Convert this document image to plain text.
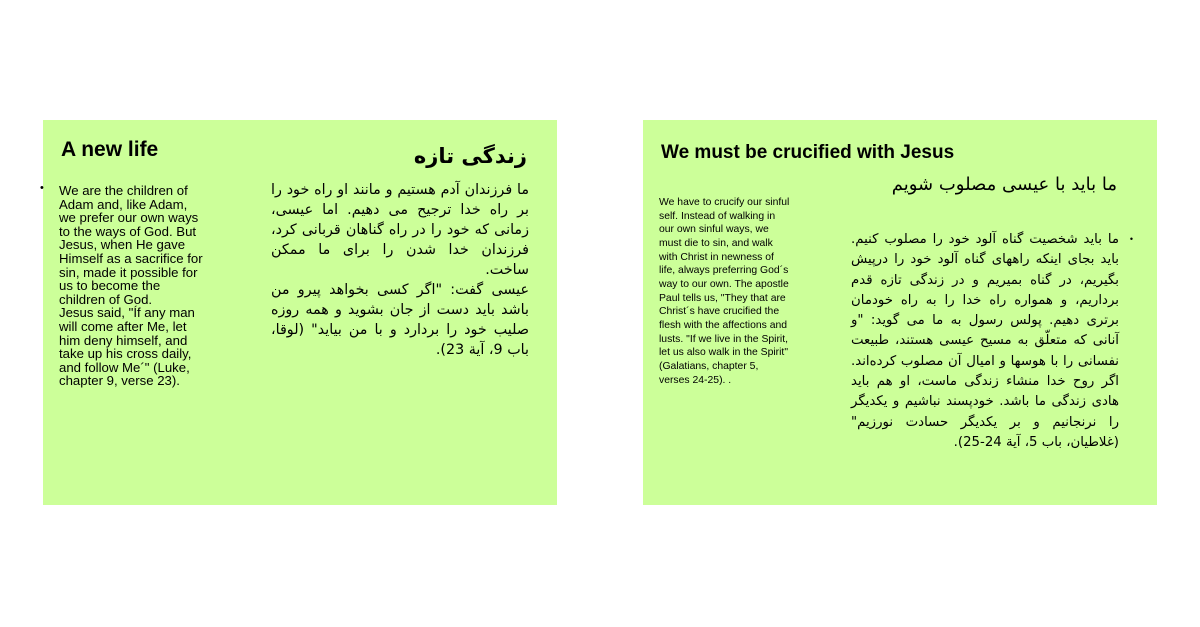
A new life	زندگی تازه
• We are the children of Adam and, like Adam, we prefer our own ways to the ways of God. But Jesus, when He gave Himself as a sacrifice for sin, made it possible for us to become the children of God.
Jesus said, "Íf any man will come after Me, let him deny himself, and take up his cross daily, and follow Me´" (Luke, chapter 9, verse 23).

ما فرزندان آدم هستیم و مانند او راه خود را بر راه خدا ترجیح می دهیم. اما عیسی، زمانی که خود را در راه گناهان قربانی کرد، فرزندان خدا شدن را برای ما ممکن ساخت.

عیسی گفت: "اگر کسی بخواهد پیرو من باشد باید دست از جان بشوید و همه روزه صلیب خود را بردارد و با من بیاید" (لوقا، باب 9، آیة 23).

We must be crucified with Jesus
ما باید با عیسی مصلوب شویم
We have to crucify our sinful self. Instead of walking in our own sinful ways, we must die to sin, and walk with Christ in newness of life, always preferring God´s way to our own. The apostle Paul tells us, "They that are Christ´s have crucified the flesh with the affections and lusts. "If we live in the Spirit, let us also walk in the Spirit" (Galatians, chapter 5, verses 24-25). .
•
ما باید شخصیت گناه آلود خود را مصلوب کنیم. باید بجای اینکه راههای گناه آلود خود را درپیش بگیریم، در گناه بمیریم و در زندگی تازه قدم برداریم، و همواره راه خدا را به راه خودمان برتری دهیم. پولس رسول به ما می گوید: "و آنانی که متعلّق به مسیح عیسی هستند، طبیعت نفسانی را با هوسها و امیال آن مصلوب کرده‌اند. اگر روح خدا منشاء زندگی ماست، او هم باید هادی زندگی ما باشد. خودپسند نباشیم و یکدیگر را نرنجانیم و بر یکدیگر حسادت نورزیم" (غلاطیان، باب 5، آیة 24-25).
